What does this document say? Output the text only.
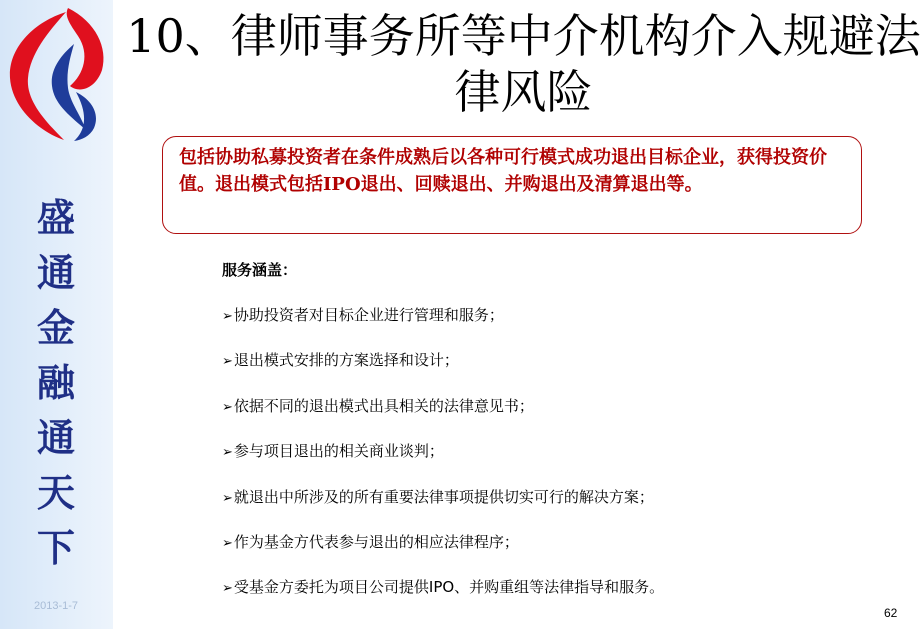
盛
通
金
融
通
天
下
2013-1-7
10、律师事务所等中介机构介入规避法律风险
包括协助私募投资者在条件成熟后以各种可行模式成功退出目标企业，获得投资价值。退出模式包括IPO退出、回赎退出、并购退出及清算退出等。
服务涵盖：
➢协助投资者对目标企业进行管理和服务；
➢退出模式安排的方案选择和设计；
➢依据不同的退出模式出具相关的法律意见书；
➢参与项目退出的相关商业谈判；
➢就退出中所涉及的所有重要法律事项提供切实可行的解决方案；
➢作为基金方代表参与退出的相应法律程序；
➢受基金方委托为项目公司提供IPO、并购重组等法律指导和服务。
62
